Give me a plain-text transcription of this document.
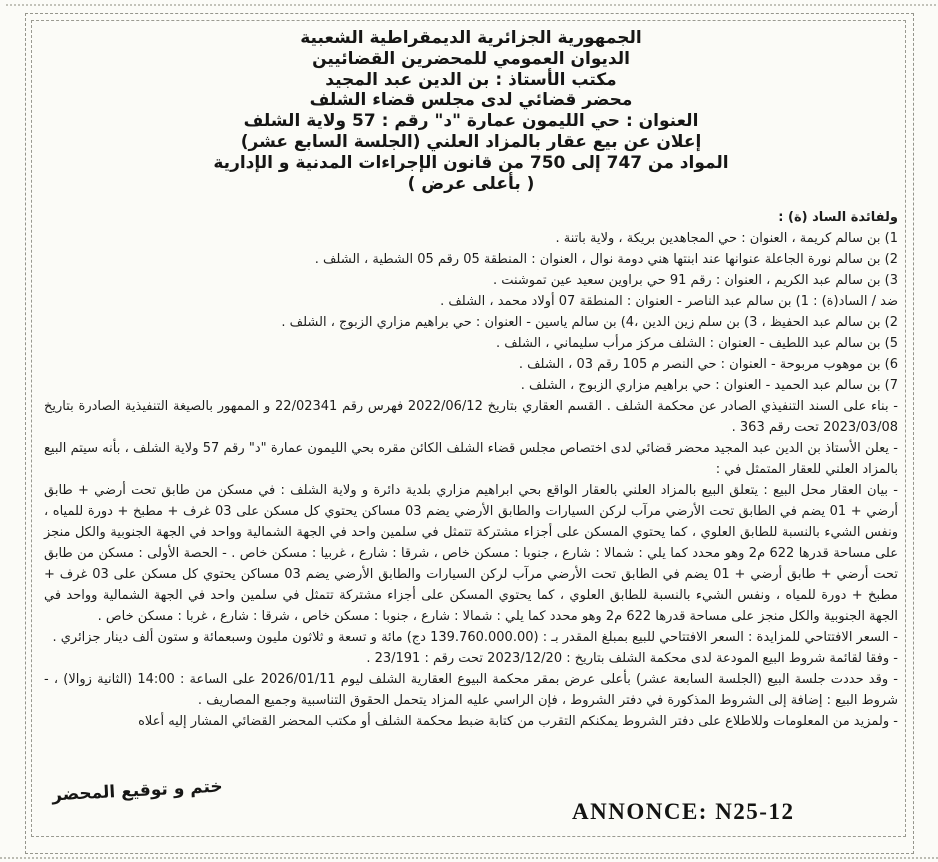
الجمهورية الجزائرية الديمقراطية الشعبية
الديوان العمومي للمحضرين القضائيين
مكتب الأستاذ : بن الدين عبد المجيد
محضر قضائي لدى مجلس قضاء الشلف
العنوان : حي الليمون عمارة "د" رقم : 57 ولاية الشلف
إعلان عن بيع عقار بالمزاد العلني (الجلسة السابع عشر)
المواد من 747 إلى 750 من قانون الإجراءات المدنية و الإدارية
( بأعلى عرض )

ولفائدة الساد (ة) :

1) بن سالم كريمة ، العنوان : حي المجاهدين بريكة ، ولاية باتنة .

2) بن سالم نورة الجاعلة عنوانها عند ابنتها هني دومة نوال ، العنوان : المنطقة 05 رقم 05 الشطية ، الشلف .

3) بن سالم عبد الكريم ، العنوان : رقم 91 حي براوين سعيد عين تموشنت .

ضد / الساد(ة) : 1) بن سالم عبد الناصر - العنوان : المنطقة 07 أولاد محمد ، الشلف .

2) بن سالم عبد الحفيظ ، 3) بن سلم زين الدين ،4) بن سالم ياسين - العنوان : حي براهيم مزاري الزبوج ، الشلف .

5) بن سالم عبد اللطيف - العنوان : الشلف مركز مرأب سليماني ، الشلف .

6) بن موهوب مربوحة - العنوان : حي النصر م 105 رقم 03 ، الشلف .

7) بن سالم عبد الحميد - العنوان : حي براهيم مزاري الزبوج ، الشلف .

- بناء على السند التنفيذي الصادر عن محكمة الشلف . القسم العقاري بتاريخ 2022/06/12 فهرس رقم 22/02341 و الممهور بالصيغة التنفيذية الصادرة بتاريخ 2023/03/08 تحت رقم 363 .

- يعلن الأستاذ بن الدين عبد المجيد محضر قضائي لدى اختصاص مجلس قضاء الشلف الكائن مقره بحي الليمون عمارة "د" رقم 57 ولاية الشلف ، بأنه سيتم البيع بالمزاد العلني للعقار المتمثل في :

- بيان العقار محل البيع : يتعلق البيع بالمزاد العلني بالعقار الواقع بحي ابراهيم مزاري بلدية دائرة و ولاية الشلف : في مسكن من طابق تحت أرضي + طابق أرضي + 01 يضم في الطابق تحت الأرضي مرآب لركن السيارات والطابق الأرضي يضم 03 مساكن يحتوي كل مسكن على 03 غرف + مطبخ + دورة للمياه ، ونفس الشيء بالنسبة للطابق العلوي ، كما يحتوي المسكن على أجزاء مشتركة تتمثل في سلمين واحد في الجهة الشمالية وواحد في الجهة الجنوبية والكل منجز على مساحة قدرها 622 م2 وهو محدد كما يلي : شمالا : شارع ، جنوبا : مسكن خاص ، شرقا : شارع ، غربيا : مسكن خاص . - الحصة الأولى : مسكن من طابق تحت أرضي + طابق أرضي + 01 يضم في الطابق تحت الأرضي مرآب لركن السيارات والطابق الأرضي يضم 03 مساكن يحتوي كل مسكن على 03 غرف + مطبخ + دورة للمياه ، ونفس الشيء بالنسبة للطابق العلوي ، كما يحتوي المسكن على أجزاء مشتركة تتمثل في سلمين واحد في الجهة الشمالية وواحد في الجهة الجنوبية والكل منجز على مساحة قدرها 622 م2 وهو محدد كما يلي : شمالا : شارع ، جنوبا : مسكن خاص ، شرقا : شارع ، غربا : مسكن خاص .

- السعر الافتتاحي للمزايدة : السعر الافتتاحي للبيع بمبلغ المقدر بـ : (139.760.000.00 دج) مائة و تسعة و ثلاثون مليون وسبعمائة و ستون ألف دينار جزائري .

- وفقا لقائمة شروط البيع المودعة لدى محكمة الشلف بتاريخ : 2023/12/20 تحت رقم : 23/191 .

- وقد حددت جلسة البيع (الجلسة السابعة عشر) بأعلى عرض بمقر محكمة البيوع العقارية الشلف ليوم 2026/01/11 على الساعة : 14:00 (الثانية زوالا) ، - شروط البيع : إضافة إلى الشروط المذكورة في دفتر الشروط ، فإن الراسي عليه المزاد يتحمل الحقوق التناسبية وجميع المصاريف .

- ولمزيد من المعلومات وللاطلاع على دفتر الشروط يمكنكم التقرب من كتابة ضبط محكمة الشلف أو مكتب المحضر القضائي المشار إليه أعلاه

ختم و توقيع المحضر
ANNONCE: N25-12
